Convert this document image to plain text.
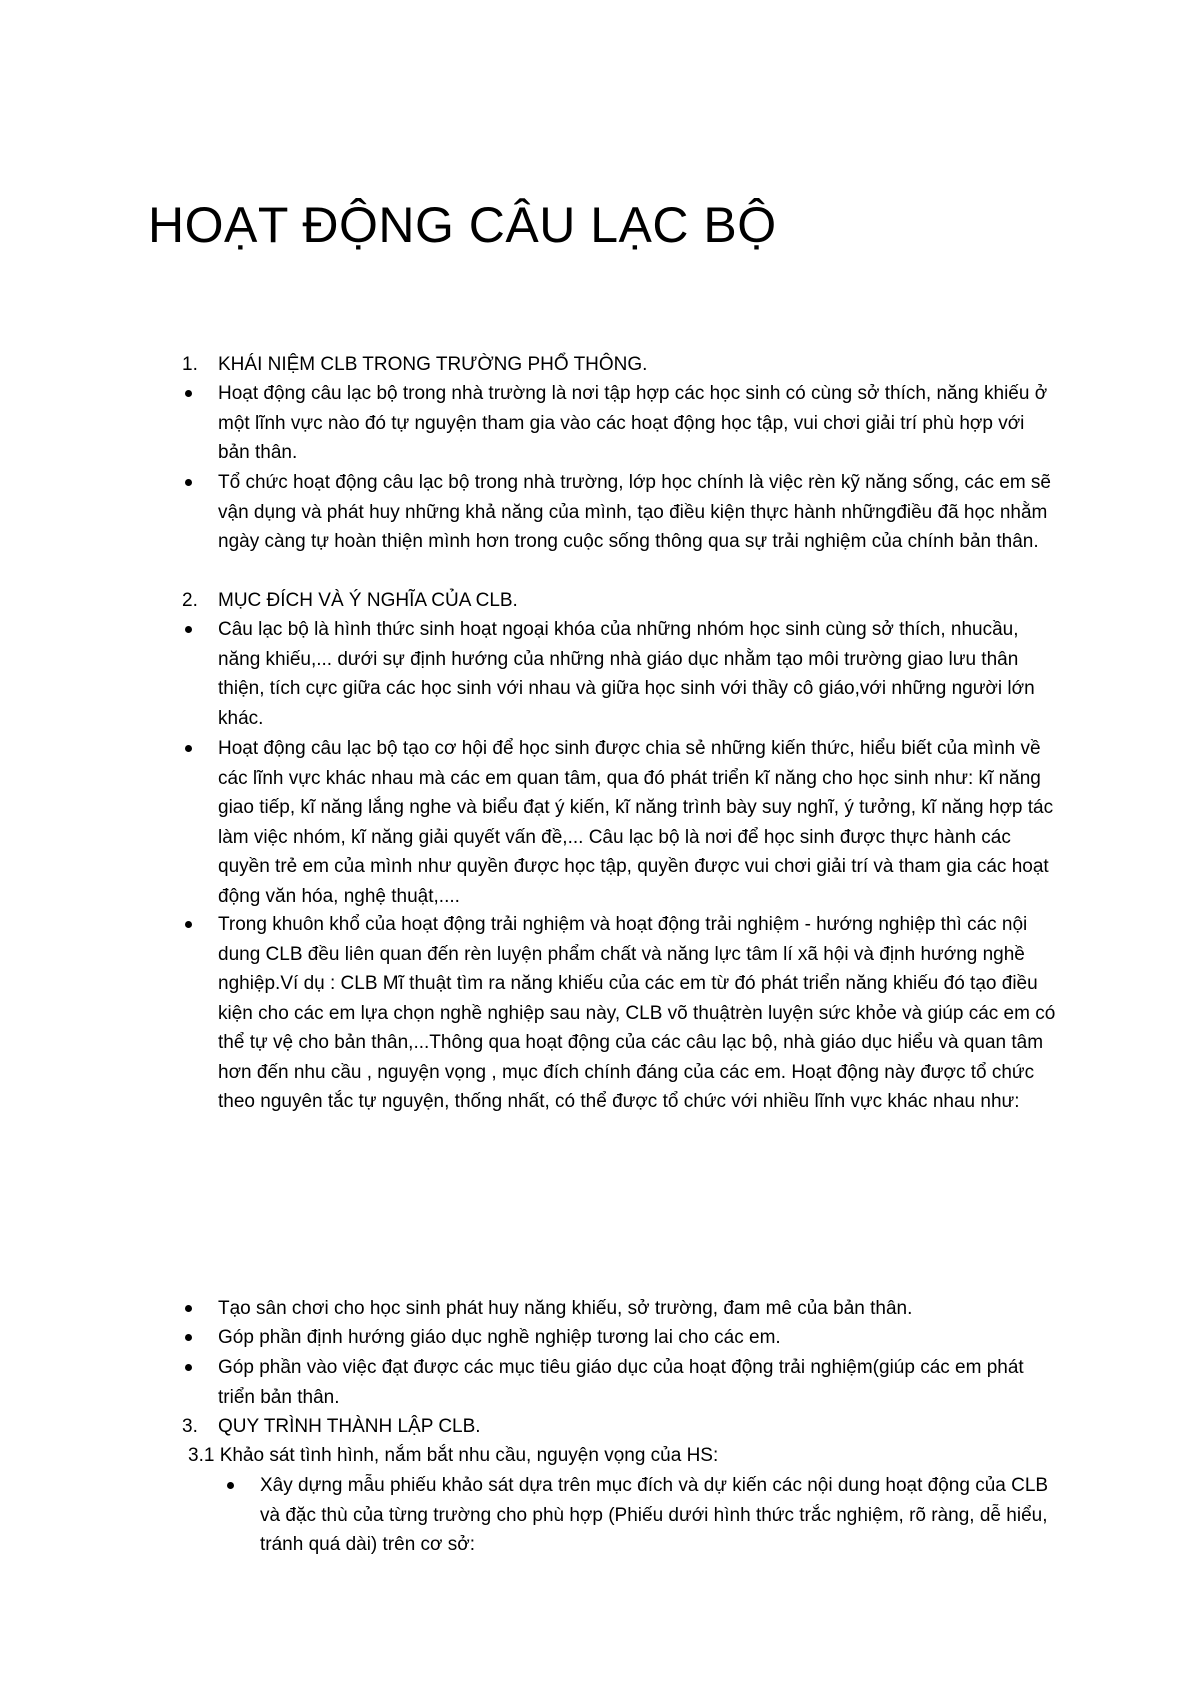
HOẠT ĐỘNG CÂU LẠC BỘ
1. KHÁI NIỆM CLB TRONG TRƯỜNG PHỔ THÔNG.
Hoạt động câu lạc bộ trong nhà trường là nơi tập hợp các học sinh có cùng sở thích, năng khiếu ở một lĩnh vực nào đó tự nguyện tham gia vào các hoạt động học tập, vui chơi giải trí phù hợp với bản thân.
Tổ chức hoạt động câu lạc bộ trong nhà trường, lớp học chính là việc rèn kỹ năng sống, các em sẽ vận dụng và phát huy những khả năng của mình, tạo điều kiện thực hành nhữngđiều đã học nhằm ngày càng tự hoàn thiện mình hơn trong cuộc sống thông qua sự trải nghiệm của chính bản thân.
2. MỤC ĐÍCH VÀ Ý NGHĨA CỦA CLB.
Câu lạc bộ là hình thức sinh hoạt ngoại khóa của những nhóm học sinh cùng sở thích, nhucầu, năng khiếu,... dưới sự định hướng của những nhà giáo dục nhằm tạo môi trường giao lưu thân thiện, tích cực giữa các học sinh với nhau và giữa học sinh với thầy cô giáo,với những người lớn khác.
Hoạt động câu lạc bộ tạo cơ hội để học sinh được chia sẻ những kiến thức, hiểu biết của mình về các lĩnh vực khác nhau mà các em quan tâm, qua đó phát triển kĩ năng cho học sinh như: kĩ năng giao tiếp, kĩ năng lắng nghe và biểu đạt ý kiến, kĩ năng trình bày suy nghĩ, ý tưởng, kĩ năng hợp tác làm việc nhóm, kĩ năng giải quyết vấn đề,... Câu lạc bộ là nơi để học sinh được thực hành các quyền trẻ em của mình như quyền được học tập, quyền được vui chơi giải trí và tham gia các hoạt động văn hóa, nghệ thuật,....
Trong khuôn khổ của hoạt động trải nghiệm và hoạt động trải nghiệm - hướng nghiệp thì các nội dung CLB đều liên quan đến rèn luyện phẩm chất và năng lực tâm lí xã hội và định hướng nghề nghiệp.Ví dụ : CLB Mĩ thuật tìm ra năng khiếu của các em từ đó phát triển năng khiếu đó tạo điều kiện cho các em lựa chọn nghề nghiệp sau này, CLB võ thuậtrèn luyện sức khỏe và giúp các em có thể tự vệ cho bản thân,...Thông qua hoạt động của các câu lạc bộ, nhà giáo dục hiểu và quan tâm hơn đến nhu cầu , nguyện vọng , mục đích chính đáng của các em. Hoạt động này được tổ chức theo nguyên tắc tự nguyện, thống nhất, có thể được tổ chức với nhiều lĩnh vực khác nhau như:
Tạo sân chơi cho học sinh phát huy năng khiếu, sở trường, đam mê của bản thân.
Góp phần định hướng giáo dục nghề nghiệp tương lai cho các em.
Góp phần vào việc đạt được các mục tiêu giáo dục của hoạt động trải nghiệm(giúp các em phát triển bản thân.
3. QUY TRÌNH THÀNH LẬP CLB.
3.1 Khảo sát tình hình, nắm bắt nhu cầu, nguyện vọng của HS:
Xây dựng mẫu phiếu khảo sát dựa trên mục đích và dự kiến các nội dung hoạt động của CLB và đặc thù của từng trường cho phù hợp (Phiếu dưới hình thức trắc nghiệm, rõ ràng, dễ hiểu, tránh quá dài) trên cơ sở:
